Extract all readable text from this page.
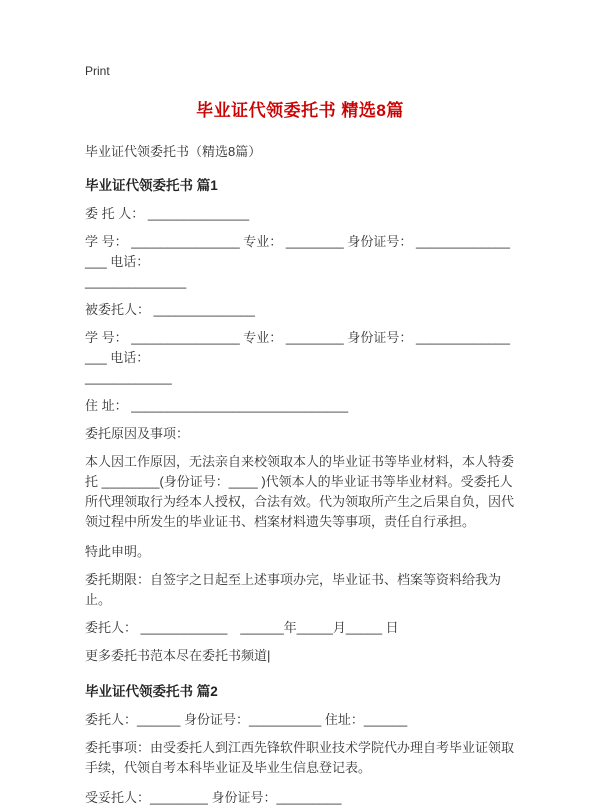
Print
毕业证代领委托书 精选8篇

毕业证代领委托书（精选8篇）

毕业证代领委托书 篇1

委 托 人： ______________

学 号： _______________ 专业： ________ 身份证号： ________________ 电话：

______________

被委托人： ______________

学 号： _______________ 专业： ________ 身份证号： ________________ 电话：

____________

住 址： ______________________________

委托原因及事项：

本人因工作原因，无法亲自来校领取本人的毕业证书等毕业材料，本人特委托 ________(身份证号：____ )代领本人的毕业证书等毕业材料。受委托人所代理领取行为经本人授权，合法有效。代为领取所产生之后果自负，因代领过程中所发生的毕业证书、档案材料遗失等事项，责任自行承担。

特此申明。

委托期限：自签字之日起至上述事项办完，毕业证书、档案等资料给我为止。

委托人： ____________　______年_____月_____ 日

更多委托书范本尽在委托书频道|

毕业证代领委托书 篇2

委托人：______ 身份证号：__________ 住址：______

委托事项：由受委托人到江西先锋软件职业技术学院代办理自考毕业证领取手续，代领自考本科毕业证及毕业生信息登记表。

受妥托人：________ 身份证号：_________
